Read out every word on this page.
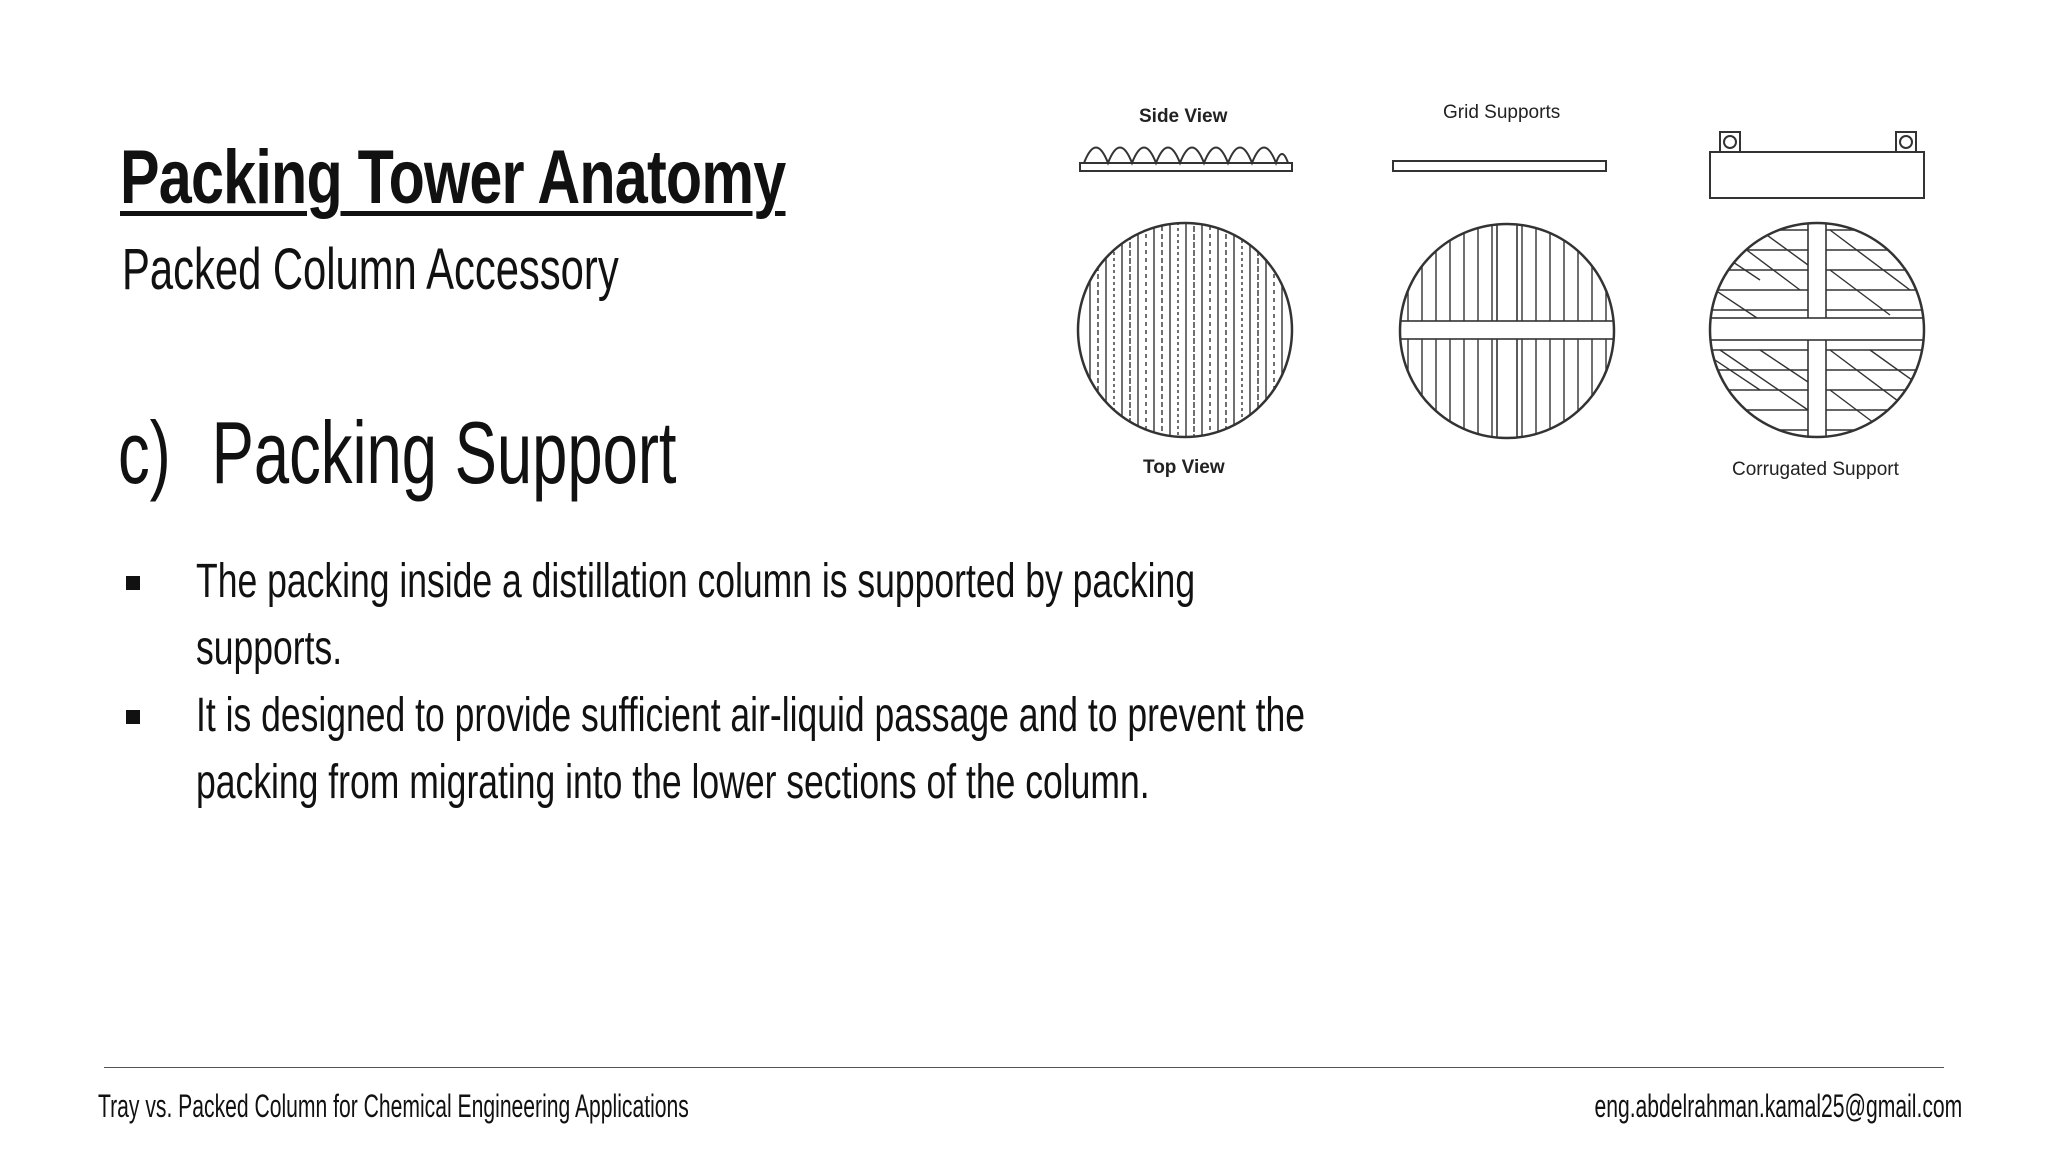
Packing Tower Anatomy
Packed Column Accessory
c) Packing Support
The packing inside a distillation column is supported by packing supports.
It is designed to provide sufficient air-liquid passage and to prevent the packing from migrating into the lower sections of the column.
Side View
Top View
Grid Supports
Corrugated Support
Tray vs. Packed Column for Chemical Engineering Applications	eng.abdelrahman.kamal25@gmail.com
